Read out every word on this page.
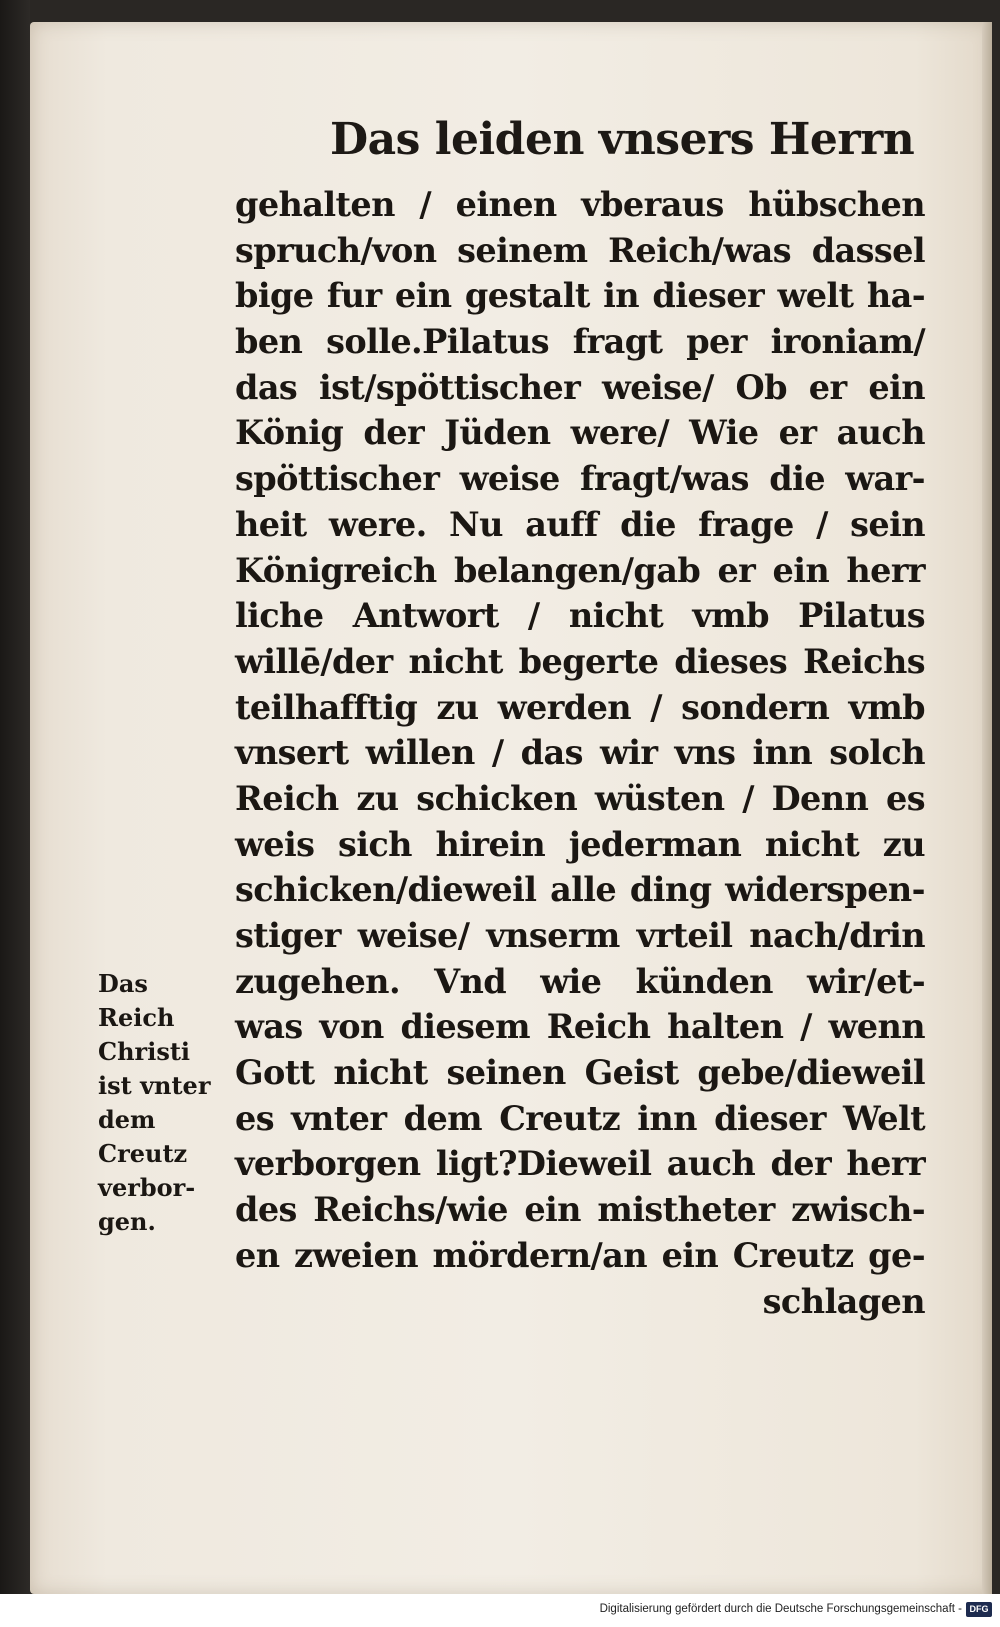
Das leiden vnsers Herrn
gehalten / einen vberaus hübschen
spruch/von seinem Reich/was dassel
bige fur ein gestalt in dieser welt ha-
ben solle.Pilatus fragt per ironiam/
das ist/spöttischer weise/ Ob er ein
König der Jüden were/ Wie er auch
spöttischer weise fragt/was die war-
heit were. Nu auff die frage / sein
Königreich belangen/gab er ein herr
liche Antwort / nicht vmb Pilatus
willē/der nicht begerte dieses Reichs
teilhafftig zu werden / sondern vmb
vnsert willen / das wir vns inn solch
Reich zu schicken wüsten / Denn es
weis sich hirein jederman nicht zu
schicken/dieweil alle ding widerspen-
stiger weise/ vnserm vrteil nach/drin
zugehen. Vnd wie künden wir/et-
was von diesem Reich halten / wenn
Gott nicht seinen Geist gebe/dieweil
es vnter dem Creutz inn dieser Welt
verborgen ligt?Dieweil auch der herr
des Reichs/wie ein mistheter zwisch-
en zweien mördern/an ein Creutz ge-
schlagen
Das
Reich
Christi
ist vnter
dem
Creutz
verbor-
gen.
Digitalisierung gefördert durch die Deutsche Forschungsgemeinschaft - DFG
